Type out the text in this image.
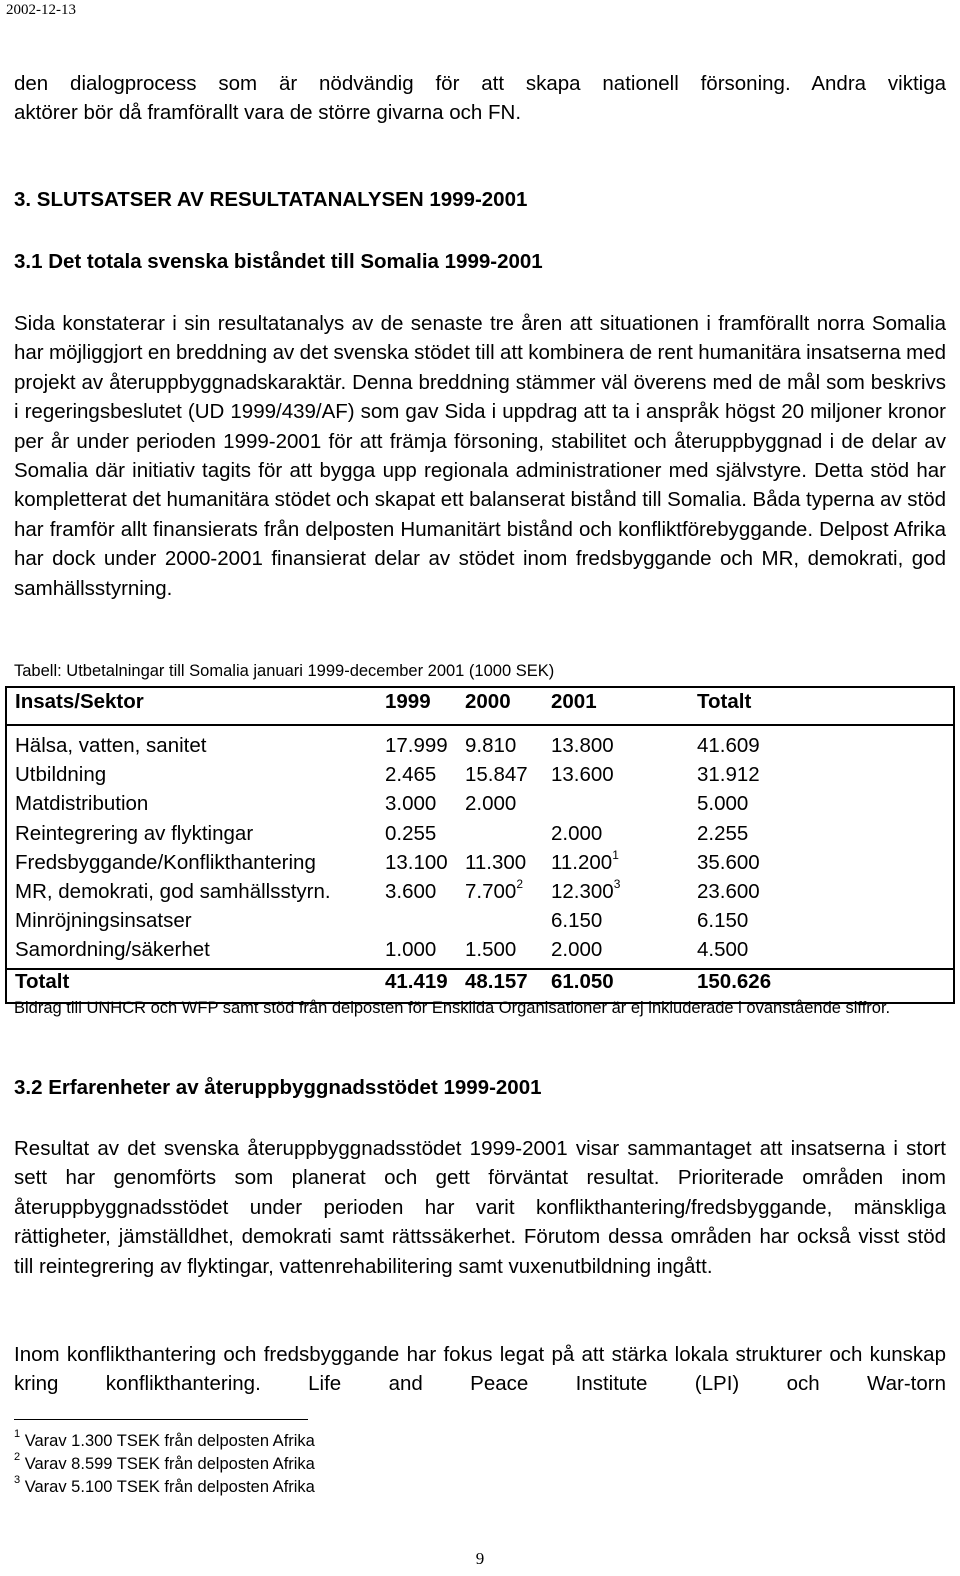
2002-12-13
den dialogprocess som är nödvändig för att skapa nationell försoning. Andra viktiga
aktörer bör då framförallt vara de större givarna och FN.
3. SLUTSATSER AV RESULTATANALYSEN 1999-2001
3.1 Det totala svenska biståndet till Somalia 1999-2001
Sida konstaterar i sin resultatanalys av de senaste tre åren att situationen i framförallt norra Somalia har möjliggjort en breddning av det svenska stödet till att kombinera de rent humanitära insatserna med projekt av återuppbyggnadskaraktär. Denna breddning stämmer väl överens med de mål som beskrivs i regeringsbeslutet (UD 1999/439/AF) som gav Sida i uppdrag att ta i anspråk högst 20 miljoner kronor per år under perioden 1999-2001 för att främja försoning, stabilitet och återuppbyggnad i de delar av Somalia där initiativ tagits för att bygga upp regionala administrationer med självstyre. Detta stöd har kompletterat det humanitära stödet och skapat ett balanserat bistånd till Somalia. Båda typerna av stöd har framför allt finansierats från delposten Humanitärt bistånd och konfliktförebyggande. Delpost Afrika har dock under 2000-2001 finansierat delar av stödet inom fredsbyggande och MR, demokrati, god samhällsstyrning.
Tabell: Utbetalningar till Somalia januari 1999-december 2001 (1000 SEK)
Insats/Sektor	1999	2000	2001	Totalt
Hälsa, vatten, sanitet	17.999	9.810	13.800	41.609
Utbildning	2.465	15.847	13.600	31.912
Matdistribution	3.000	2.000		5.000
Reintegrering av flyktingar	0.255		2.000	2.255
Fredsbyggande/Konflikthantering	13.100	11.300	11.200$^1$	35.600
MR, demokrati, god samhällsstyrn.	3.600	7.700$^2$	12.300$^3$	23.600
Minröjningsinsatser			6.150	6.150
Samordning/säkerhet	1.000	1.500	2.000	4.500
Totalt	41.419	48.157	61.050	150.626
Bidrag till UNHCR och WFP samt stöd från delposten för Enskilda Organisationer är ej inkluderade i ovanstående siffror.
3.2 Erfarenheter av återuppbyggnadsstödet 1999-2001
Resultat av det svenska återuppbyggnadsstödet 1999-2001 visar sammantaget att insatserna i stort sett har genomförts som planerat och gett förväntat resultat. Prioriterade områden inom återuppbyggnadsstödet under perioden har varit konflikthantering/fredsbyggande, mänskliga rättigheter, jämställdhet, demokrati samt rättssäkerhet. Förutom dessa områden har också visst stöd till reintegrering av flyktingar, vattenrehabilitering samt vuxenutbildning ingått.
Inom konflikthantering och fredsbyggande har fokus legat på att stärka lokala strukturer och kunskap kring konflikthantering. Life and Peace Institute (LPI) och War-torn
$^1$ Varav 1.300 TSEK från delposten Afrika
$^2$ Varav 8.599 TSEK från delposten Afrika
$^3$ Varav 5.100 TSEK från delposten Afrika
9
